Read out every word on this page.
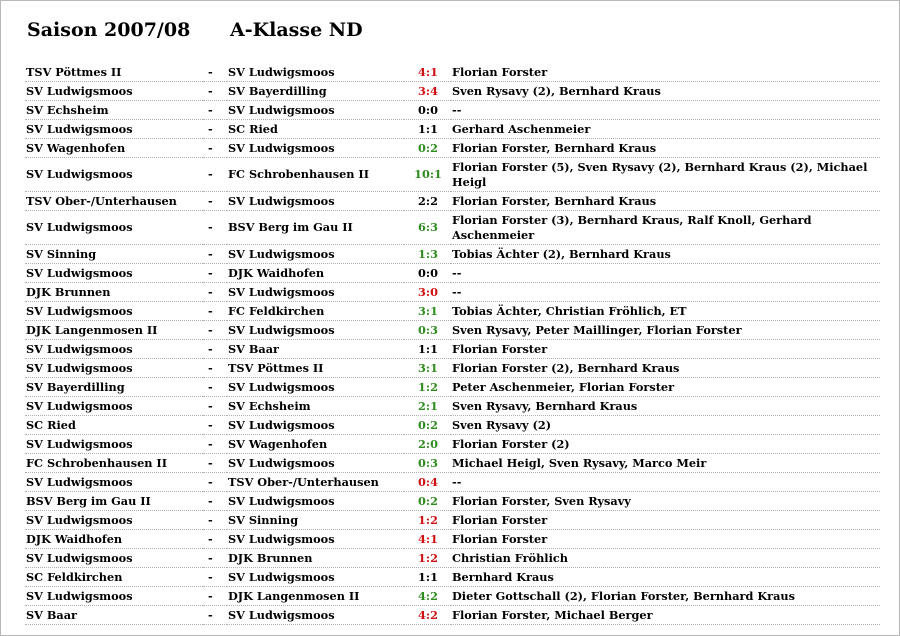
Saison 2007/08 A-Klasse ND
TSV Pöttmes II	-	SV Ludwigsmoos	4:1	Florian Forster
SV Ludwigsmoos	-	SV Bayerdilling	3:4	Sven Rysavy (2), Bernhard Kraus
SV Echsheim	-	SV Ludwigsmoos	0:0	--
SV Ludwigsmoos	-	SC Ried	1:1	Gerhard Aschenmeier
SV Wagenhofen	-	SV Ludwigsmoos	0:2	Florian Forster, Bernhard Kraus
SV Ludwigsmoos	-	FC Schrobenhausen II	10:1	Florian Forster (5), Sven Rysavy (2), Bernhard Kraus (2), Michael Heigl
TSV Ober-/Unterhausen	-	SV Ludwigsmoos	2:2	Florian Forster, Bernhard Kraus
SV Ludwigsmoos	-	BSV Berg im Gau II	6:3	Florian Forster (3), Bernhard Kraus, Ralf Knoll, Gerhard Aschenmeier
SV Sinning	-	SV Ludwigsmoos	1:3	Tobias Ächter (2), Bernhard Kraus
SV Ludwigsmoos	-	DJK Waidhofen	0:0	--
DJK Brunnen	-	SV Ludwigsmoos	3:0	--
SV Ludwigsmoos	-	FC Feldkirchen	3:1	Tobias Ächter, Christian Fröhlich, ET
DJK Langenmosen II	-	SV Ludwigsmoos	0:3	Sven Rysavy, Peter Maillinger, Florian Forster
SV Ludwigsmoos	-	SV Baar	1:1	Florian Forster
SV Ludwigsmoos	-	TSV Pöttmes II	3:1	Florian Forster (2), Bernhard Kraus
SV Bayerdilling	-	SV Ludwigsmoos	1:2	Peter Aschenmeier, Florian Forster
SV Ludwigsmoos	-	SV Echsheim	2:1	Sven Rysavy, Bernhard Kraus
SC Ried	-	SV Ludwigsmoos	0:2	Sven Rysavy (2)
SV Ludwigsmoos	-	SV Wagenhofen	2:0	Florian Forster (2)
FC Schrobenhausen II	-	SV Ludwigsmoos	0:3	Michael Heigl, Sven Rysavy, Marco Meir
SV Ludwigsmoos	-	TSV Ober-/Unterhausen	0:4	--
BSV Berg im Gau II	-	SV Ludwigsmoos	0:2	Florian Forster, Sven Rysavy
SV Ludwigsmoos	-	SV Sinning	1:2	Florian Forster
DJK Waidhofen	-	SV Ludwigsmoos	4:1	Florian Forster
SV Ludwigsmoos	-	DJK Brunnen	1:2	Christian Fröhlich
SC Feldkirchen	-	SV Ludwigsmoos	1:1	Bernhard Kraus
SV Ludwigsmoos	-	DJK Langenmosen II	4:2	Dieter Gottschall (2), Florian Forster, Bernhard Kraus
SV Baar	-	SV Ludwigsmoos	4:2	Florian Forster, Michael Berger
